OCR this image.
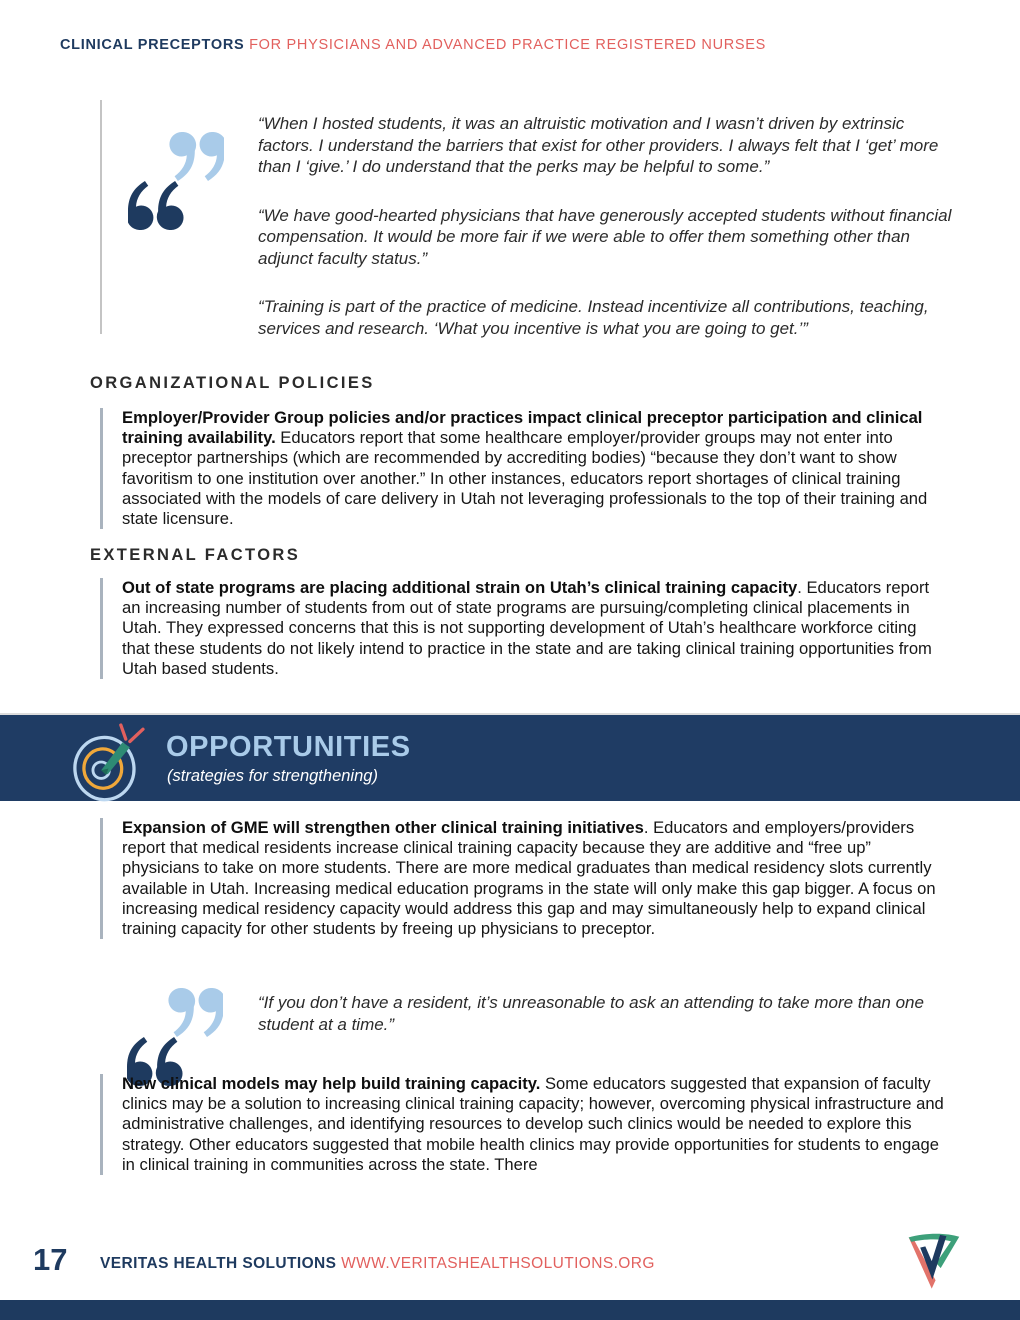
CLINICAL PRECEPTORS FOR PHYSICIANS AND ADVANCED PRACTICE REGISTERED NURSES
“When I hosted students, it was an altruistic motivation and I wasn’t driven by extrinsic factors. I understand the barriers that exist for other providers. I always felt that I ‘get’ more than I ‘give.’ I do understand that the perks may be helpful to some.”
“We have good-hearted physicians that have generously accepted students without financial compensation. It would be more fair if we were able to offer them something other than adjunct faculty status.”
“Training is part of the practice of medicine. Instead incentivize all contributions, teaching, services and research. ‘What you incentive is what you are going to get.’”
ORGANIZATIONAL POLICIES
Employer/Provider Group policies and/or practices impact clinical preceptor participation and clinical training availability. Educators report that some healthcare employer/provider groups may not enter into preceptor partnerships (which are recommended by accrediting bodies) “because they don’t want to show favoritism to one institution over another.” In other instances, educators report shortages of clinical training associated with the models of care delivery in Utah not leveraging professionals to the top of their training and state licensure.
EXTERNAL FACTORS
Out of state programs are placing additional strain on Utah’s clinical training capacity. Educators report an increasing number of students from out of state programs are pursuing/completing clinical placements in Utah. They expressed concerns that this is not supporting development of Utah’s healthcare workforce citing that these students do not likely intend to practice in the state and are taking clinical training opportunities from Utah based students.
OPPORTUNITIES
(strategies for strengthening)
Expansion of GME will strengthen other clinical training initiatives. Educators and employers/providers report that medical residents increase clinical training capacity because they are additive and “free up” physicians to take on more students. There are more medical graduates than medical residency slots currently available in Utah. Increasing medical education programs in the state will only make this gap bigger. A focus on increasing medical residency capacity would address this gap and may simultaneously help to expand clinical training capacity for other students by freeing up physicians to preceptor.
“If you don’t have a resident, it’s unreasonable to ask an attending to take more than one student at a time.”
New clinical models may help build training capacity. Some educators suggested that expansion of faculty clinics may be a solution to increasing clinical training capacity; however, overcoming physical infrastructure and administrative challenges, and identifying resources to develop such clinics would be needed to explore this strategy. Other educators suggested that mobile health clinics may provide opportunities for students to engage in clinical training in communities across the state. There
17 VERITAS HEALTH SOLUTIONS WWW.VERITASHEALTHSOLUTIONS.ORG
